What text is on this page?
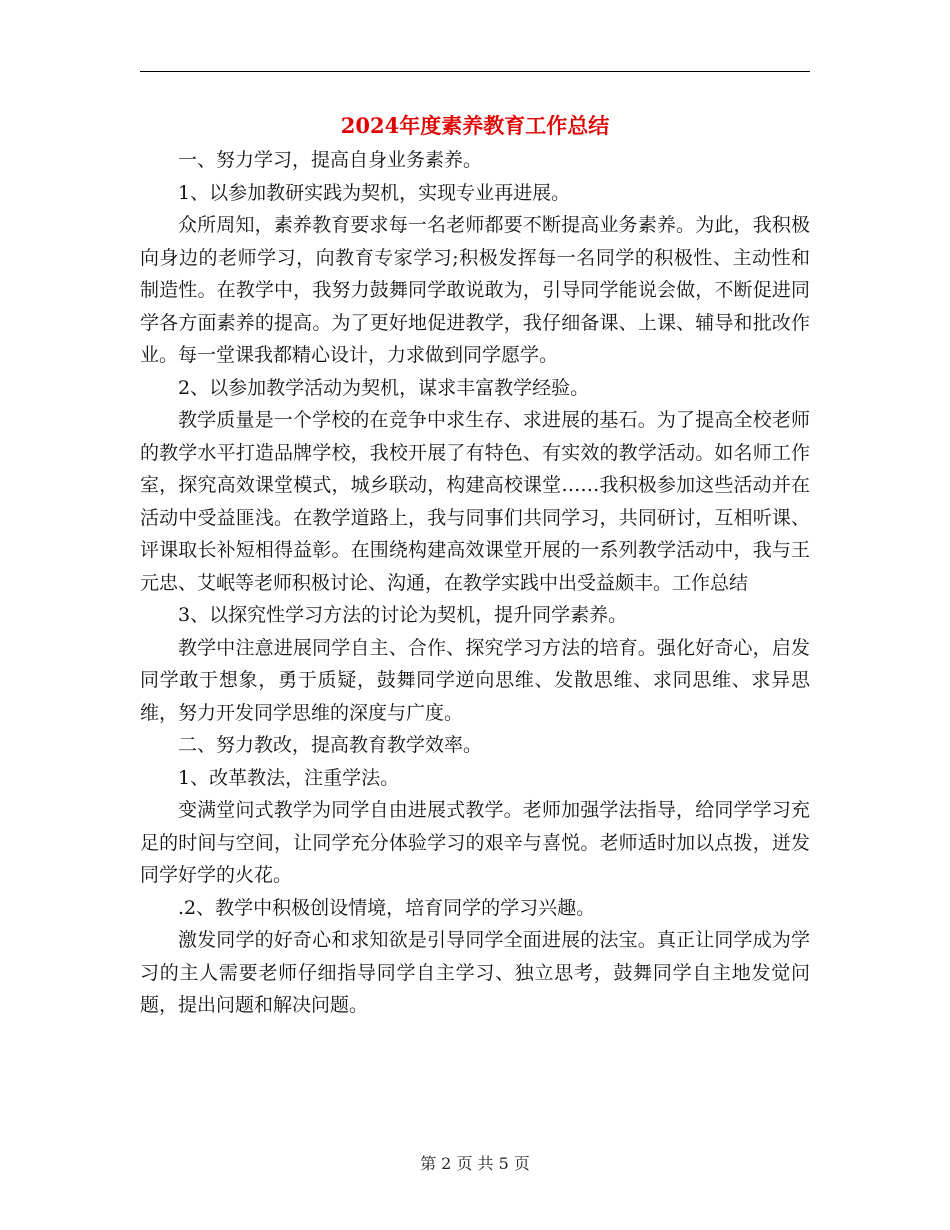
2024年度素养教育工作总结

一、努力学习，提高自身业务素养。

1、以参加教研实践为契机，实现专业再进展。

众所周知，素养教育要求每一名老师都要不断提高业务素养。为此，我积极向身边的老师学习，向教育专家学习;积极发挥每一名同学的积极性、主动性和制造性。在教学中，我努力鼓舞同学敢说敢为，引导同学能说会做，不断促进同学各方面素养的提高。为了更好地促进教学，我仔细备课、上课、辅导和批改作业。每一堂课我都精心设计，力求做到同学愿学。

2、以参加教学活动为契机，谋求丰富教学经验。

教学质量是一个学校的在竞争中求生存、求进展的基石。为了提高全校老师的教学水平打造品牌学校，我校开展了有特色、有实效的教学活动。如名师工作室，探究高效课堂模式，城乡联动，构建高校课堂……我积极参加这些活动并在活动中受益匪浅。在教学道路上，我与同事们共同学习，共同研讨，互相听课、评课取长补短相得益彰。在围绕构建高效课堂开展的一系列教学活动中，我与王元忠、艾岷等老师积极讨论、沟通，在教学实践中出受益颇丰。工作总结

3、以探究性学习方法的讨论为契机，提升同学素养。

教学中注意进展同学自主、合作、探究学习方法的培育。强化好奇心，启发同学敢于想象，勇于质疑，鼓舞同学逆向思维、发散思维、求同思维、求异思维，努力开发同学思维的深度与广度。

二、努力教改，提高教育教学效率。

1、改革教法，注重学法。

变满堂问式教学为同学自由进展式教学。老师加强学法指导，给同学学习充足的时间与空间，让同学充分体验学习的艰辛与喜悦。老师适时加以点拨，迸发同学好学的火花。

.2、教学中积极创设情境，培育同学的学习兴趣。

激发同学的好奇心和求知欲是引导同学全面进展的法宝。真正让同学成为学习的主人需要老师仔细指导同学自主学习、独立思考，鼓舞同学自主地发觉问题，提出问题和解决问题。

第 2 页 共 5 页
